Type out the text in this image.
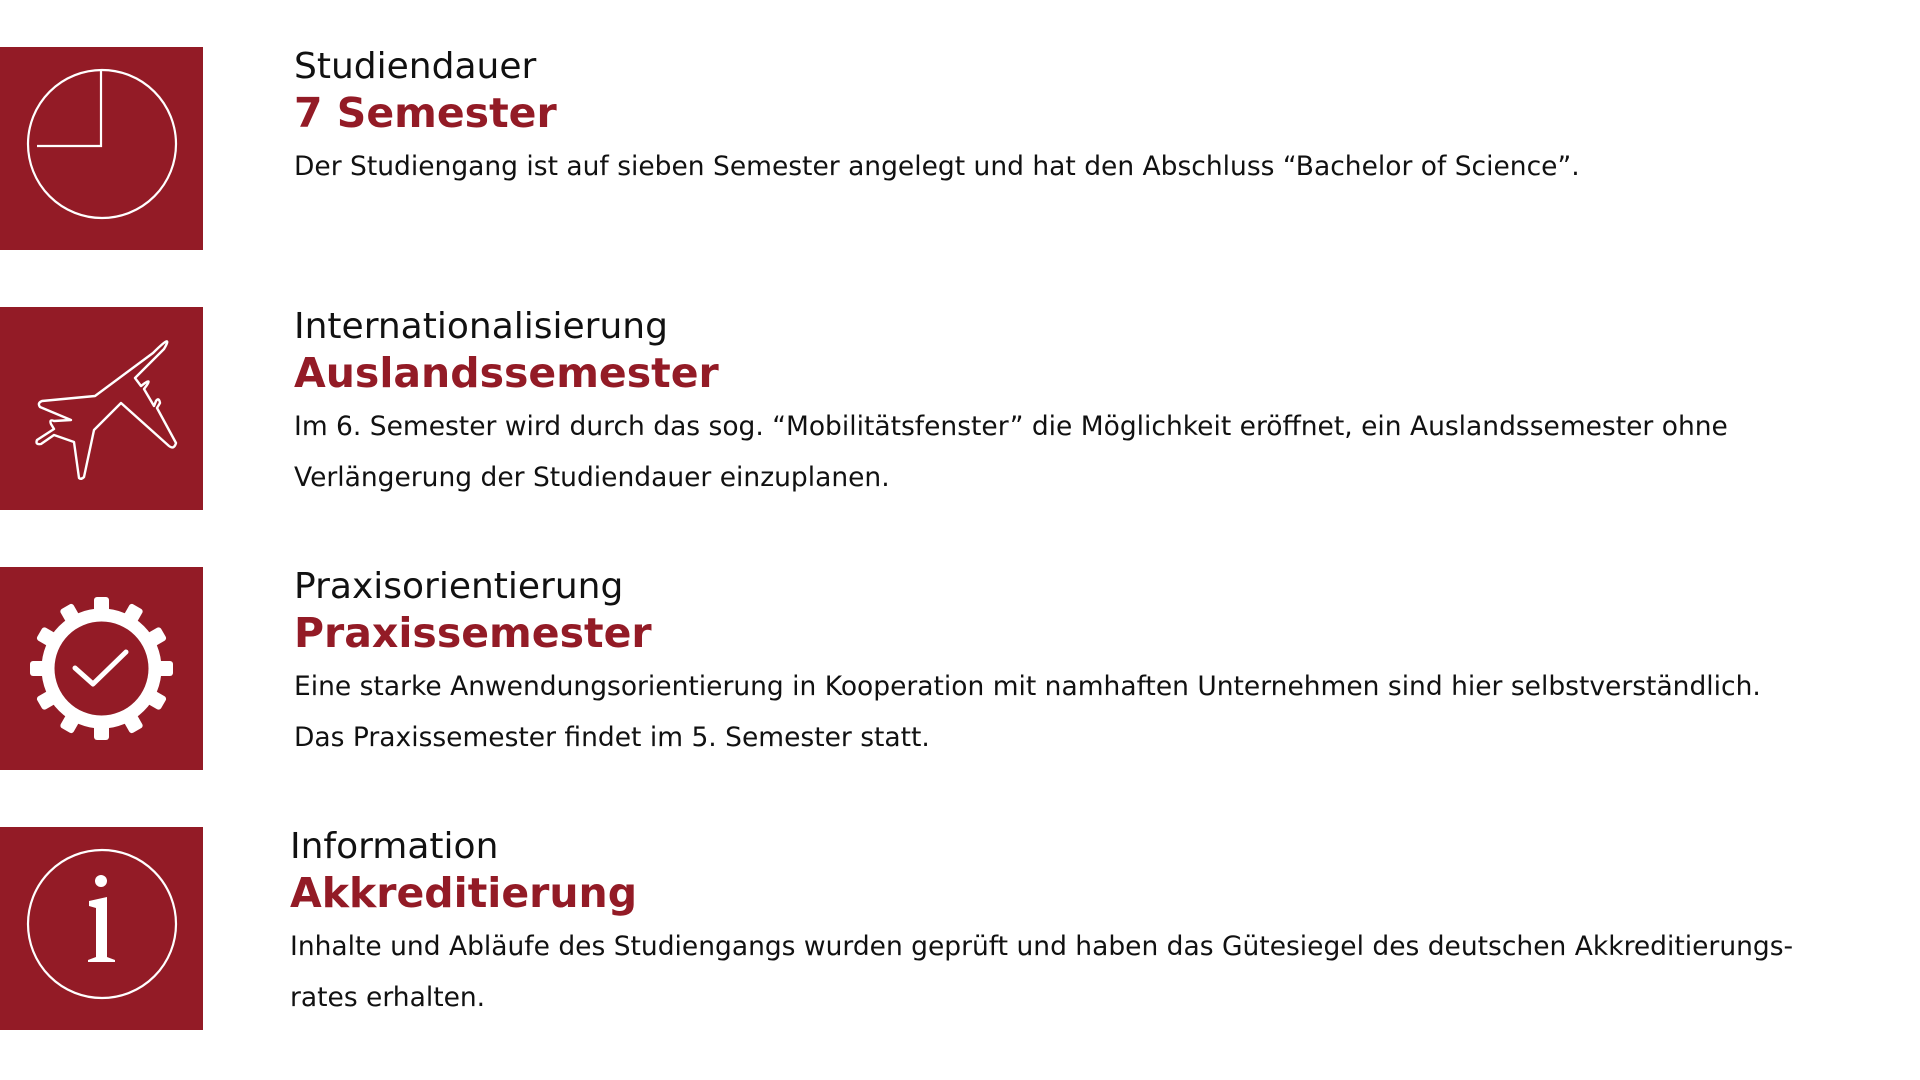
Studiendauer
7 Semester
Der Studiengang ist auf sieben Semester angelegt und hat den Abschluss “Bachelor of Science”.
Internationalisierung
Auslandssemester
Im 6. Semester wird durch das sog. “Mobilitätsfenster” die Möglichkeit eröffnet, ein Auslandssemester ohne
Verlängerung der Studiendauer einzuplanen.
Praxisorientierung
Praxissemester
Eine starke Anwendungsorientierung in Kooperation mit namhaften Unternehmen sind hier selbstverständlich.
Das Praxissemester findet im 5. Semester statt.
Information
Akkreditierung
Inhalte und Abläufe des Studiengangs wurden geprüft und haben das Gütesiegel des deutschen Akkreditierungs-
rates erhalten.
